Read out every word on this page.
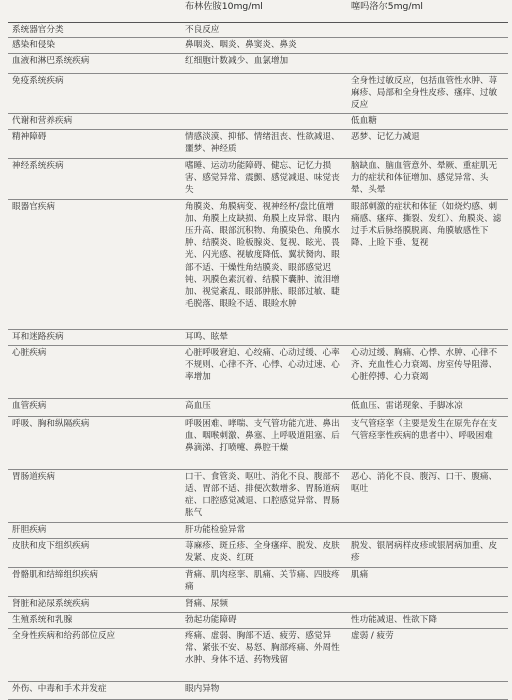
	布林佐胺10mg/ml	噻吗洛尔5mg/ml
系统器官分类	不良反应	
感染和侵染	鼻咽炎、咽炎、鼻窦炎、鼻炎	
血液和淋巴系统疾病	红细胞计数减少、血氯增加	
免疫系统疾病		全身性过敏反应，包括血管性水肿、荨麻疹、局部和全身性皮疹、瘙痒、过敏反应
代谢和营养疾病		低血糖
精神障碍	情感淡漠、抑郁、情绪沮丧、性欲减退、噩梦、神经质	恶梦、记忆力减退
神经系统疾病	嗜睡、运动功能障碍、健忘、记忆力损害、感觉异常、震颤、感觉减退、味觉丧失	脑缺血、脑血管意外、晕厥、重症肌无力的症状和体征增加、感觉异常、头晕、头晕
眼器官疾病	角膜炎、角膜病变、视神经杯/盘比值增加、角膜上皮缺损、角膜上皮异常、眼内压升高、眼部沉积物、角膜染色、角膜水肿、结膜炎、睑板腺炎、复视、眩光、畏光、闪光感、视敏度降低、翼状胬肉、眼部不适、干燥性角结膜炎、眼部感觉迟钝、巩膜色素沉着、结膜下囊肿、流泪增加、视觉紊乱、眼部肿胀、眼部过敏、睫毛脱落、眼睑不适、眼睑水肿	眼部刺激的症状和体征（如烧灼感、刺痛感、瘙痒、撕裂、发红）、角膜炎、滤过手术后脉络膜脱离、角膜敏感性下降、上睑下垂、复视
耳和迷路疾病	耳鸣、眩晕	
心脏疾病	心脏呼吸窘迫、心绞痛、心动过缓、心率不规则、心律不齐、心悸、心动过速、心率增加	心动过缓、胸痛、心悸、水肿、心律不齐、充血性心力衰竭、房室传导阻滞、心脏停搏、心力衰竭
血管疾病	高血压	低血压、雷诺现象、手脚冰凉
呼吸、胸和纵隔疾病	呼吸困难、哮喘、支气管功能亢进、鼻出血、咽喉刺激、鼻塞、上呼吸道阻塞、后鼻滴涕、打喷嚏、鼻腔干燥	支气管痉挛（主要是发生在原先存在支气管痉挛性疾病的患者中）、呼吸困难
胃肠道疾病	口干、食管炎、呕吐、消化不良、腹部不适、胃部不适、排便次数增多、胃肠道病症、口腔感觉减退、口腔感觉异常、胃肠胀气	恶心、消化不良、腹泻、口干、腹痛、呕吐
肝胆疾病	肝功能检验异常	
皮肤和皮下组织疾病	荨麻疹、斑丘疹、全身瘙痒、脱发、皮肤发紧、皮炎、红斑	脱发、银屑病样皮疹或银屑病加重、皮疹
骨骼肌和结缔组织疾病	背痛、肌肉痉挛、肌痛、关节痛、四肢疼痛	肌痛
肾脏和泌尿系统疾病	肾痛、尿频	
生殖系统和乳腺	勃起功能障碍	性功能减退、性欲下降
全身性疾病和给药部位反应	疼痛、虚弱、胸部不适、疲劳、感觉异常、紧张不安、易怒、胸部疼痛、外周性水肿、身体不适、药物残留	虚弱 / 疲劳
外伤、中毒和手术并发症	眼内异物	
